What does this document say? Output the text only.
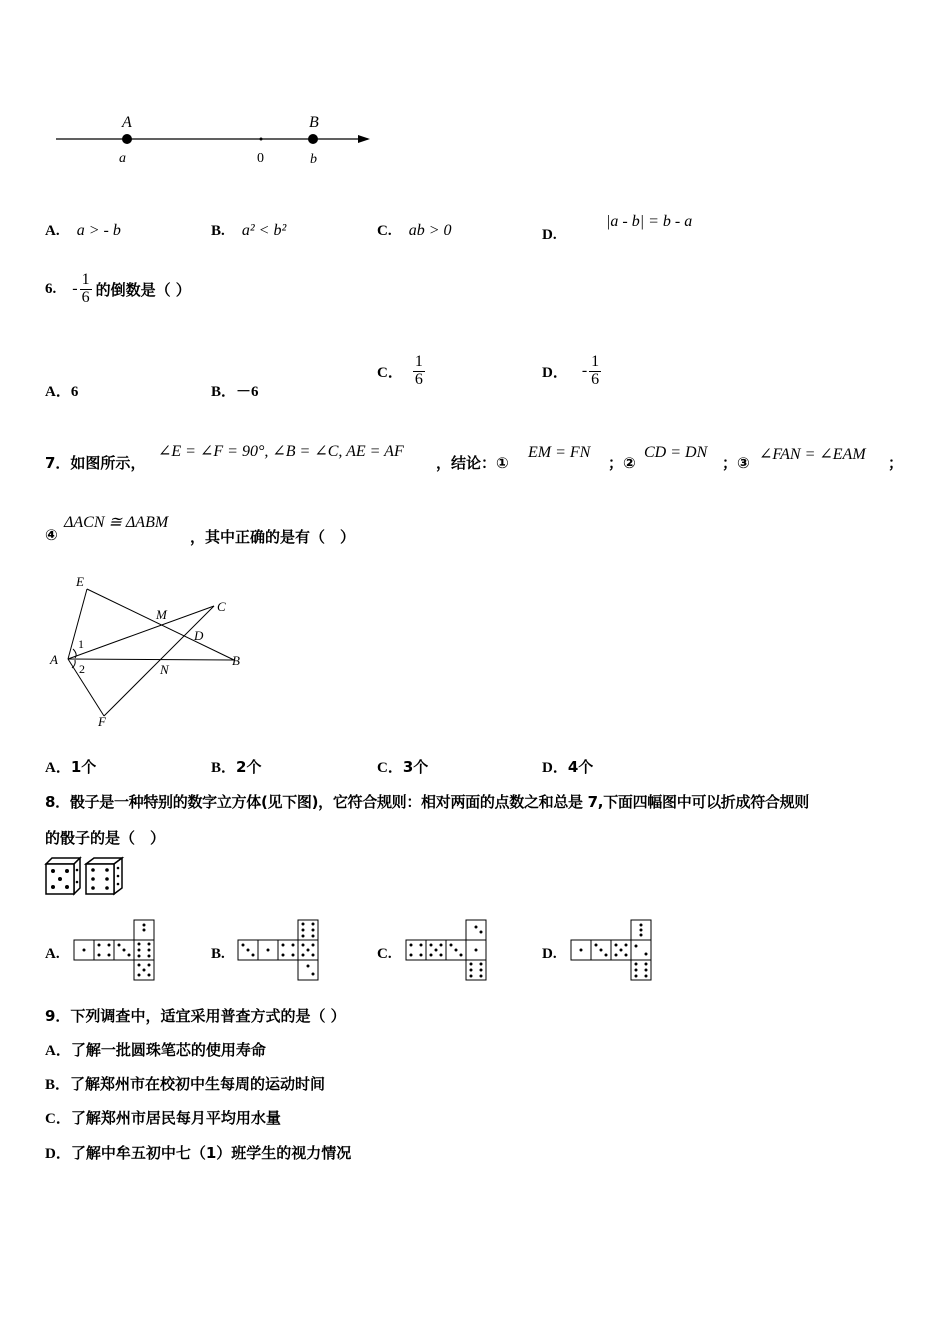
A
a	0
B
b
A. a > - b	B. a² < b²	C. ab > 0	D.
|a - b| = b - a
6. - $\frac{1}{6}$ 的倒数是（ ）
A．6	B．－6
C． $\frac{1}{6}$	D． - $\frac{1}{6}$
7．如图所示，
∠E = ∠F = 90°, ∠B = ∠C, AE = AF
，结论：①
EM = FN
；②
CD = DN
；③ ∠FAN = ∠EAM ；
④
ΔACN ≅ ΔABM
，其中正确的是有（　）
E
M
C
D
1
A
2	N
B
F
A．1个	B．2个	C．3个	D．4个
8．骰子是一种特别的数字立方体(见下图)，它符合规则：相对两面的点数之和总是 7,下面四幅图中可以折成符合规则
的骰子的是（　）
A.	B.	C.	D.
9．下列调查中，适宜采用普查方式的是（ ）
A．了解一批圆珠笔芯的使用寿命
B．了解郑州市在校初中生每周的运动时间
C．了解郑州市居民每月平均用水量
D．了解中牟五初中七（1）班学生的视力情况
